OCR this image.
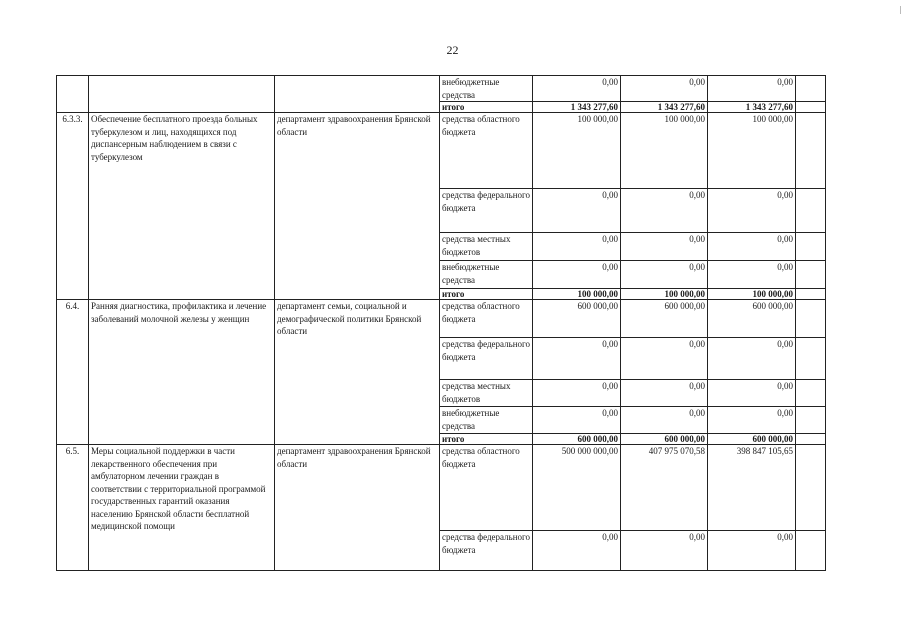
22
			внебюджетные средства	0,00	0,00	0,00	
			итого	1 343 277,60	1 343 277,60	1 343 277,60	
6.3.3.	Обеспечение бесплатного проезда больных туберкулезом и лиц, находящихся под диспансерным наблюдением в связи с туберкулезом	департамент здравоохранения Брянской области	средства областного бюджета	100 000,00	100 000,00	100 000,00	
			средства федерального бюджета	0,00	0,00	0,00	
			средства местных бюджетов	0,00	0,00	0,00	
			внебюджетные средства	0,00	0,00	0,00	
			итого	100 000,00	100 000,00	100 000,00	
6.4.	Ранняя диагностика, профилактика и лечение заболеваний молочной железы у женщин	департамент семьи, социальной и демографической политики Брянской области	средства областного бюджета	600 000,00	600 000,00	600 000,00	
			средства федерального бюджета	0,00	0,00	0,00	
			средства местных бюджетов	0,00	0,00	0,00	
			внебюджетные средства	0,00	0,00	0,00	
			итого	600 000,00	600 000,00	600 000,00	
6.5.	Меры социальной поддержки в части лекарственного обеспечения при амбулаторном лечении граждан в соответствии с территориальной программой государственных гарантий оказания населению Брянской области бесплатной медицинской помощи	департамент здравоохранения Брянской области	средства областного бюджета	500 000 000,00	407 975 070,58	398 847 105,65	
			средства федерального бюджета	0,00	0,00	0,00	
